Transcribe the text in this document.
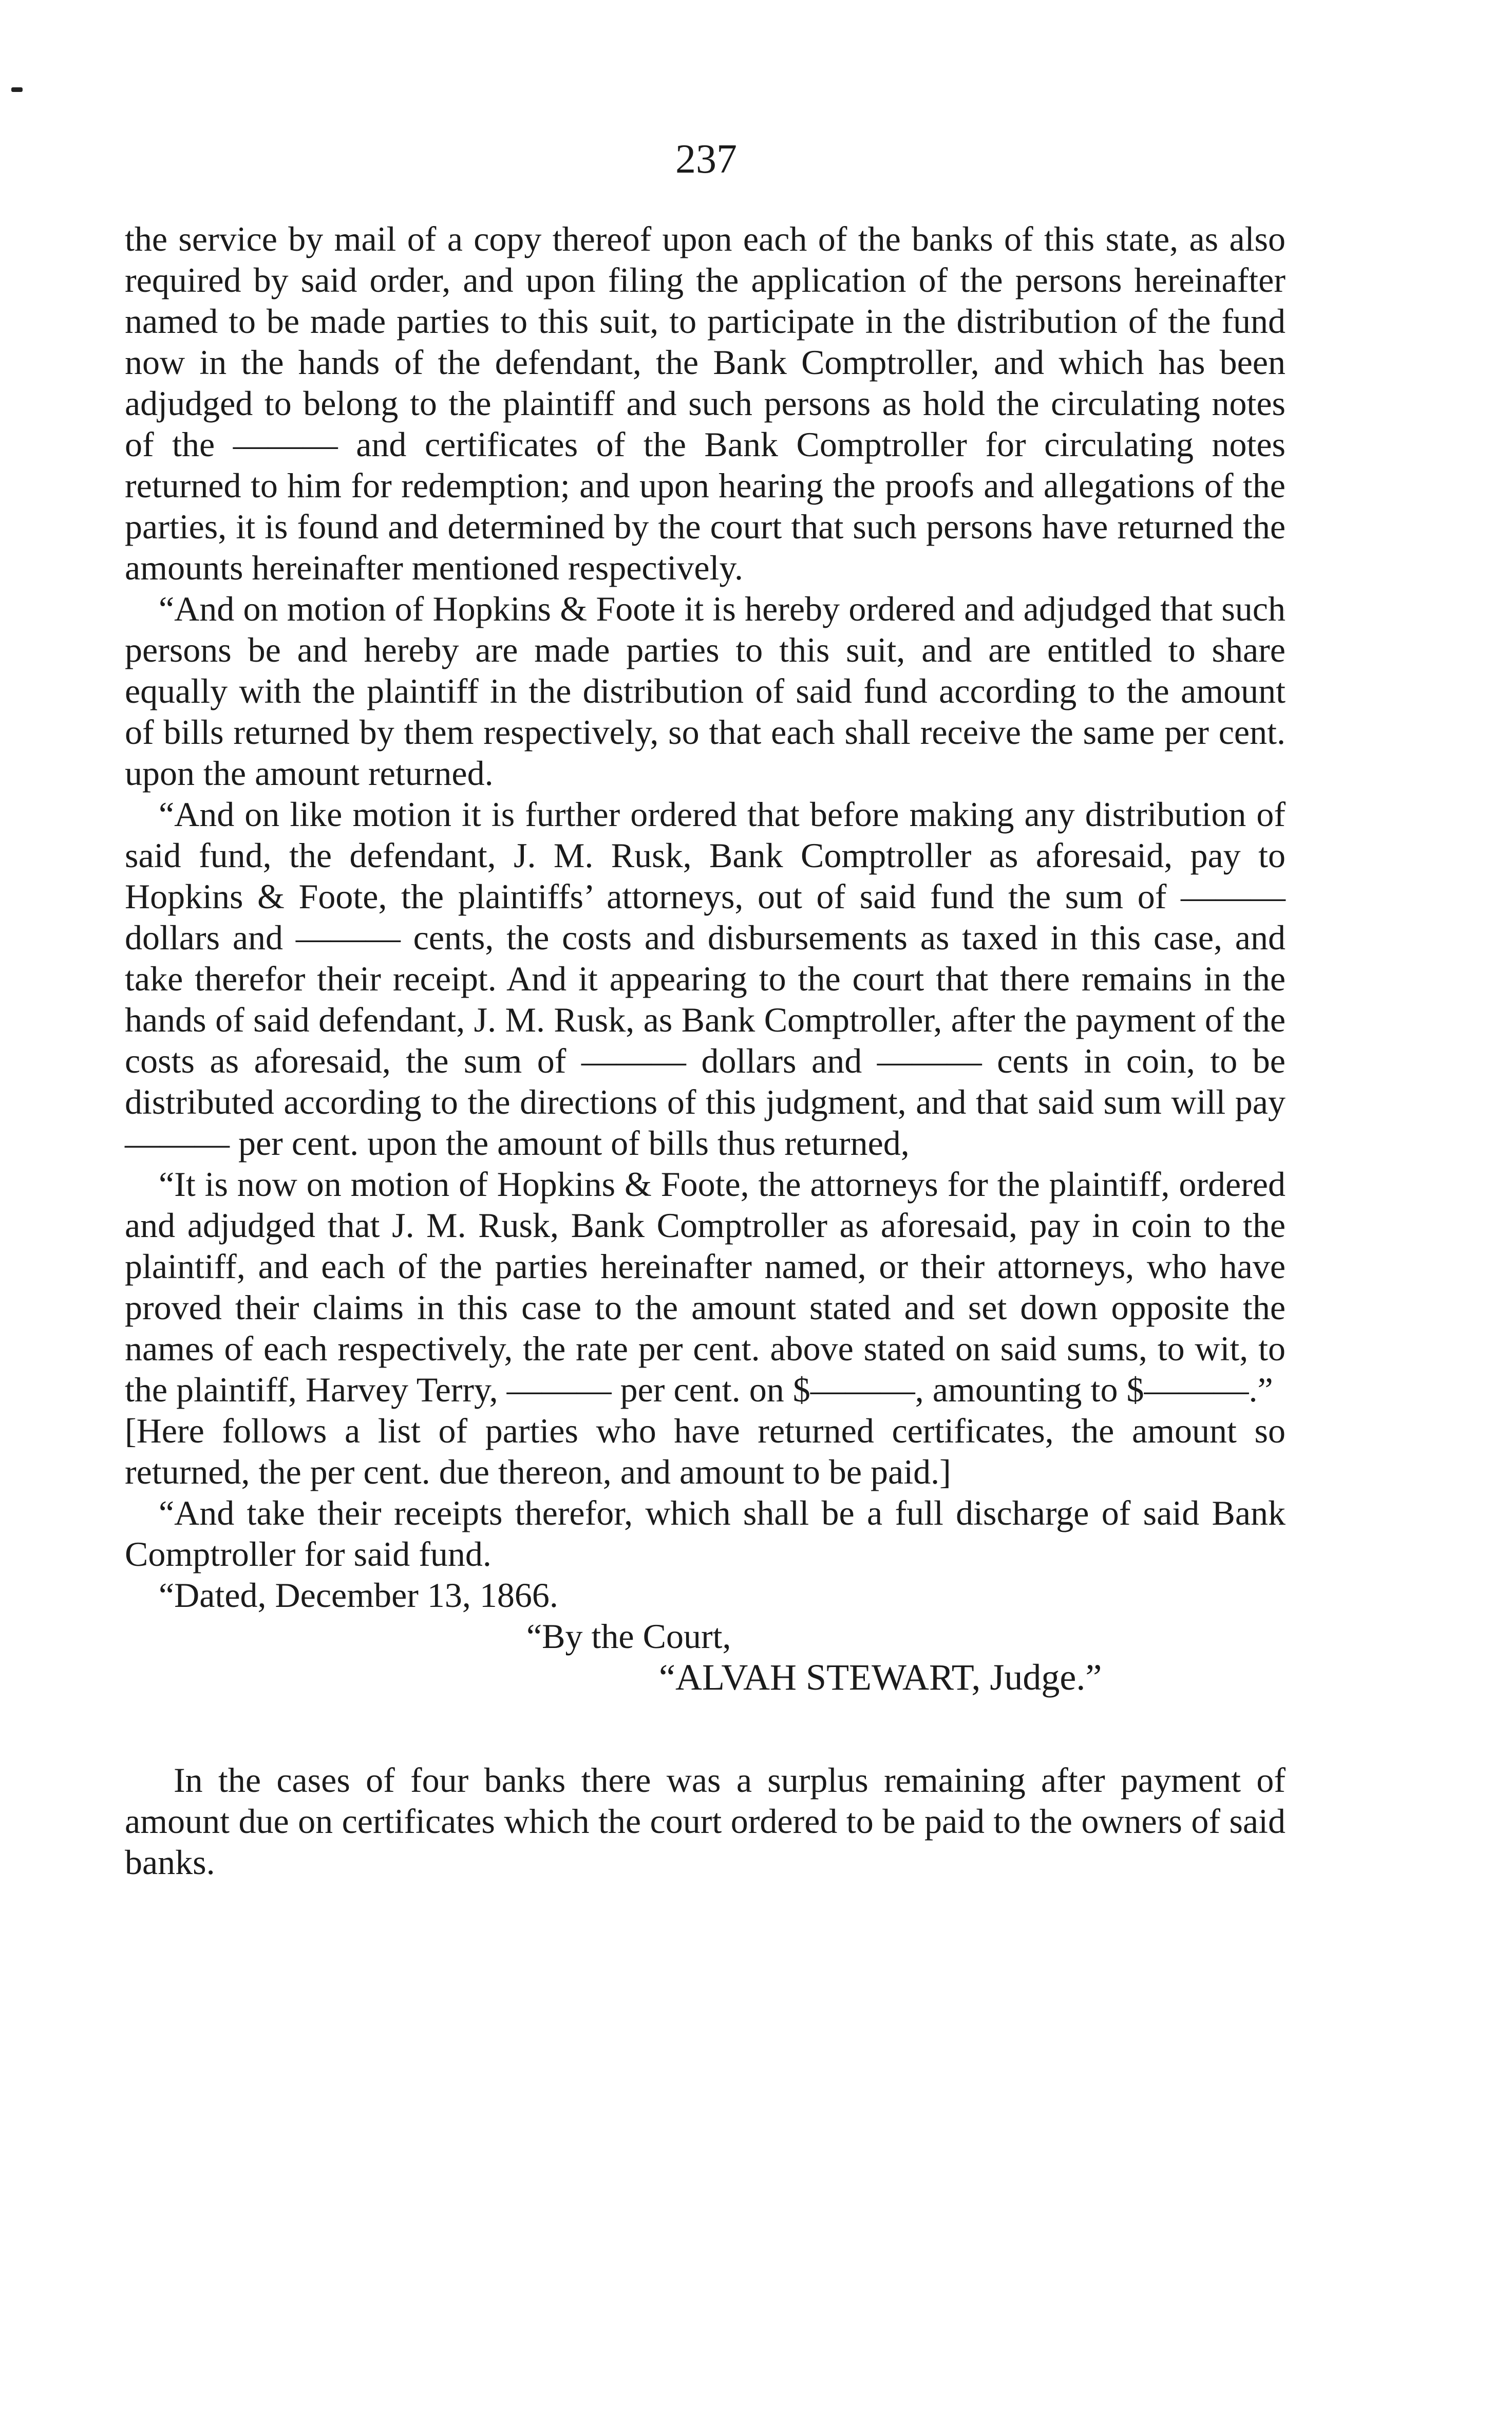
237

the service by mail of a copy thereof upon each of the banks of this state, as also required by said order, and upon filing the application of the persons hereinafter named to be made parties to this suit, to participate in the distribution of the fund now in the hands of the defendant, the Bank Comptroller, and which has been adjudged to belong to the plaintiff and such persons as hold the circulating notes of the ——— and certificates of the Bank Comptroller for circulating notes returned to him for redemption; and upon hearing the proofs and allegations of the parties, it is found and determined by the court that such persons have returned the amounts hereinafter mentioned respectively.

“And on motion of Hopkins & Foote it is hereby ordered and adjudged that such persons be and hereby are made parties to this suit, and are entitled to share equally with the plaintiff in the distribution of said fund according to the amount of bills returned by them respectively, so that each shall receive the same per cent. upon the amount returned.

“And on like motion it is further ordered that before making any distribution of said fund, the defendant, J. M. Rusk, Bank Comptroller as aforesaid, pay to Hopkins & Foote, the plaintiffs’ attorneys, out of said fund the sum of ——— dollars and ——— cents, the costs and disbursements as taxed in this case, and take therefor their receipt. And it appearing to the court that there remains in the hands of said defendant, J. M. Rusk, as Bank Comptroller, after the payment of the costs as aforesaid, the sum of ——— dollars and ——— cents in coin, to be distributed according to the directions of this judgment, and that said sum will pay ——— per cent. upon the amount of bills thus returned,

“It is now on motion of Hopkins & Foote, the attorneys for the plaintiff, ordered and adjudged that J. M. Rusk, Bank Comptroller as aforesaid, pay in coin to the plaintiff, and each of the parties hereinafter named, or their attorneys, who have proved their claims in this case to the amount stated and set down opposite the names of each respectively, the rate per cent. above stated on said sums, to wit, to the plaintiff, Harvey Terry, ——— per cent. on $———, amounting to $———.”

[Here follows a list of parties who have returned certificates, the amount so returned, the per cent. due thereon, and amount to be paid.]

“And take their receipts therefor, which shall be a full discharge of said Bank Comptroller for said fund.

“Dated, December 13, 1866.

“By the Court,

“ALVAH STEWART, Judge.”

In the cases of four banks there was a surplus remaining after payment of amount due on certificates which the court ordered to be paid to the owners of said banks.
